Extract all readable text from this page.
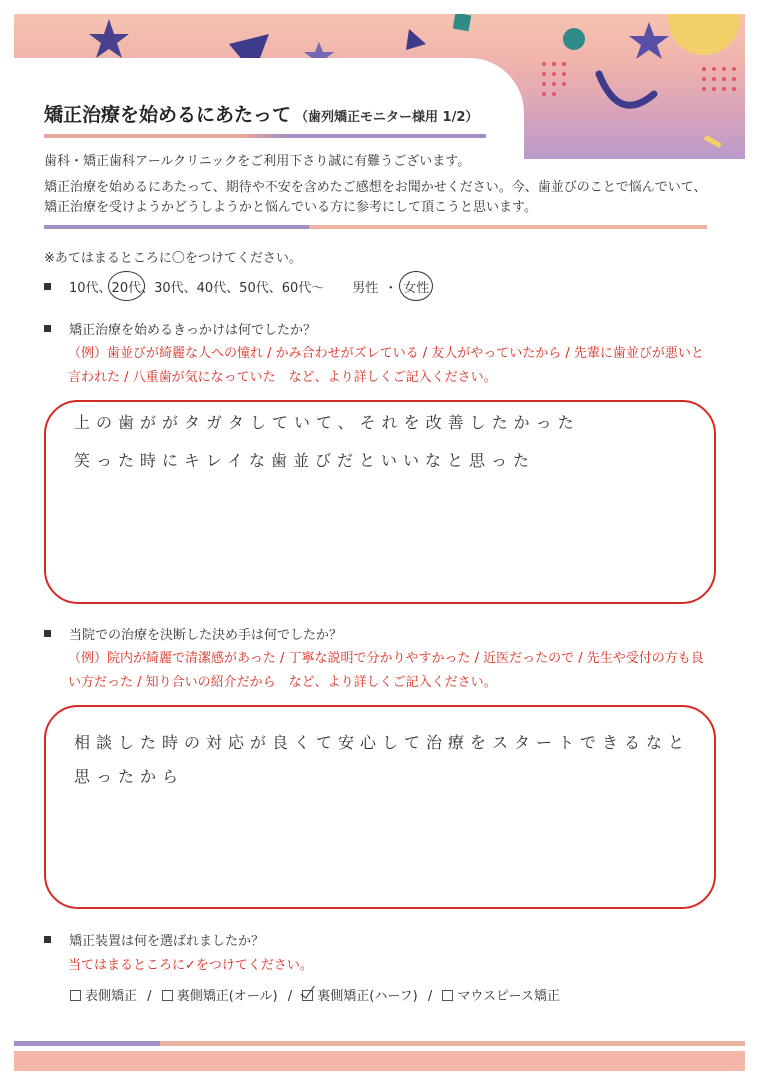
矯正治療を始めるにあたって （歯列矯正モニター様用 1/2）
歯科・矯正歯科アールクリニックをご利用下さり誠に有難うございます。
矯正治療を始めるにあたって、期待や不安を含めたご感想をお聞かせください。今、歯並びのことで悩んでいて、矯正治療を受けようかどうしようかと悩んでいる方に参考にして頂こうと思います。
※あてはまるところに〇をつけてください。
10代、 20代 、30代、40代、50代、60代～ 男性 ・ 女性
矯正治療を始めるきっかけは何でしたか？
（例）歯並びが綺麗な人への憧れ / かみ合わせがズレている / 友人がやっていたから / 先輩に歯並びが悪いと言われた / 八重歯が気になっていた　など、より詳しくご記入ください。
上の歯ががタガタしていて、それを改善したかった
笑った時にキレイな歯並びだといいなと思った
当院での治療を決断した決め手は何でしたか？
（例）院内が綺麗で清潔感があった / 丁寧な説明で分かりやすかった / 近医だったので / 先生や受付の方も良い方だった / 知り合いの紹介だから　など、より詳しくご記入ください。
相談した時の対応が良くて安心して治療をスタートできるなと
思ったから
矯正装置は何を選ばれましたか？
当てはまるところに✓をつけてください。
表側矯正 / 裏側矯正(オール) / 裏側矯正(ハーフ) / マウスピース矯正
